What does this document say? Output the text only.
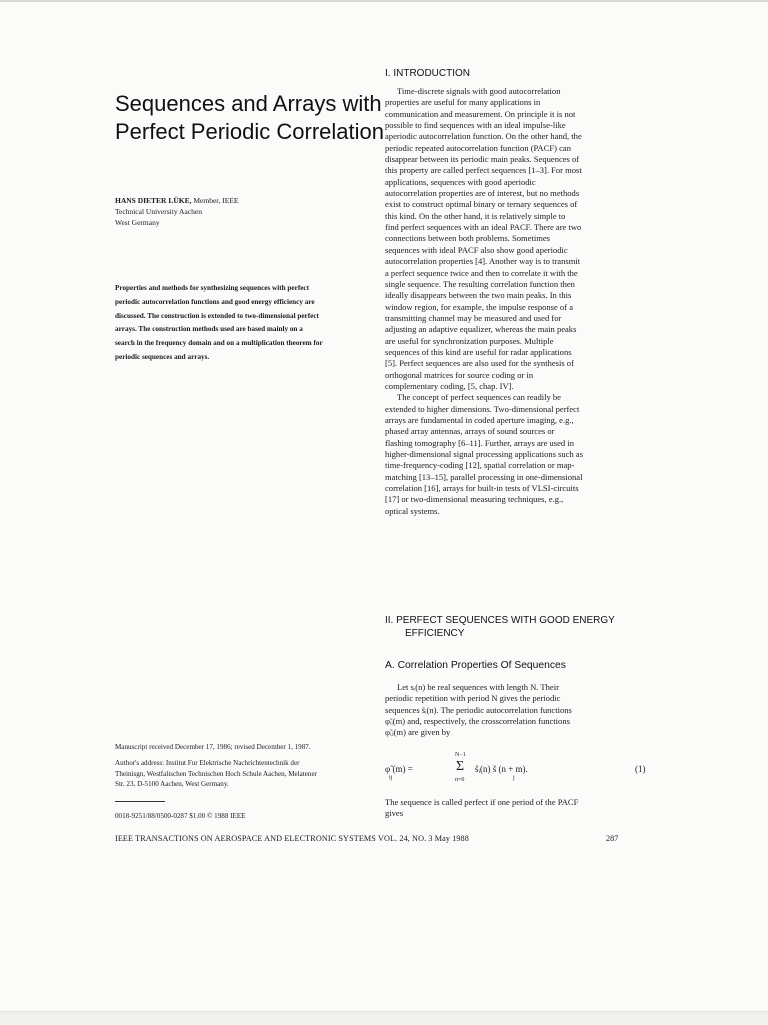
Sequences and Arrays with
Perfect Periodic Correlation
HANS DIETER LÜKE, Member, IEEE
Technical University Aachen
West Germany
Properties and methods for synthesizing sequences with perfect
periodic autocorrelation functions and good energy efficiency are
discussed. The construction is extended to two-dimensional perfect
arrays. The construction methods used are based mainly on a
search in the frequency domain and on a multiplication theorem for
periodic sequences and arrays.
Manuscript received December 17, 1986; revised December 1, 1987.
Author's address: Institut Fur Elektrische Nachrichtentechnik der
Theinisgn, Westfalischen Technischen Hoch Schule Aachen, Melatener
Str. 23, D-5100 Aachen, West Germany.
0018-9251/88/0500-0287 $1.00 © 1988 IEEE
IEEE TRANSACTIONS ON AEROSPACE AND ELECTRONIC SYSTEMS VOL. 24, NO. 3 May 1988	287
I. INTRODUCTION
Time-discrete signals with good autocorrelation
properties are useful for many applications in
communication and measurement. On principle it is not
possible to find sequences with an ideal impulse-like
aperiodic autocorrelation function. On the other hand, the
periodic repeated autocorrelation function (PACF) can
disappear between its periodic main peaks. Sequences of
this property are called perfect sequences [1–3]. For most
applications, sequences with good aperiodic
autocorrelation properties are of interest, but no methods
exist to construct optimal binary or ternary sequences of
this kind. On the other hand, it is relatively simple to
find perfect sequences with an ideal PACF. There are two
connections between both problems. Sometimes
sequences with ideal PACF also show good aperiodic
autocorrelation properties [4]. Another way is to transmit
a perfect sequence twice and then to correlate it with the
single sequence. The resulting correlation function then
ideally disappears between the two main peaks. In this
window region, for example, the impulse response of a
transmitting channel may be measured and used for
adjusting an adaptive equalizer, whereas the main peaks
are useful for synchronization purposes. Multiple
sequences of this kind are useful for radar applications
[5]. Perfect sequences are also used for the synthesis of
orthogonal matrices for source coding or in
complementary coding, [5, chap. IV].
The concept of perfect sequences can readily be
extended to higher dimensions. Two-dimensional perfect
arrays are fundamental in coded aperture imaging, e.g.,
phased array antennas, arrays of sound sources or
flashing tomography [6–11]. Further, arrays are used in
higher-dimensional signal processing applications such as
time-frequency-coding [12], spatial correlation or map-
matching [13–15], parallel processing in one-dimensional
correlation [16], arrays for built-in tests of VLSI-circuits
[17] or two-dimensional measuring techniques, e.g.,
optical systems.
II. PERFECT SEQUENCES WITH GOOD ENERGY
EFFICIENCY
A. Correlation Properties Of Sequences
Let sᵢ(n) be real sequences with length N. Their
periodic repetition with period N gives the periodic
sequences s̃ᵢ(n). The periodic autocorrelation functions
φ̃ᵢᵢ(m) and, respectively, the crosscorrelation functions
φ̃ᵢⱼ(m) are given by
φ̃ (m) =
ij
N−1
Σ
n=0
s̃ᵢ(n) s̃ (n + m).
j
(1)
The sequence is called perfect if one period of the PACF
gives
